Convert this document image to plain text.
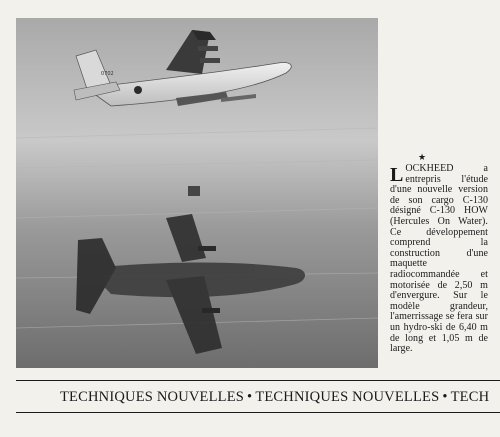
0702
★

LOCKHEED a entrepris l'étude d'une nouvelle version de son cargo C-130 désigné C-130 HOW (Hercules On Water). Ce développement comprend la construction d'une maquette radiocommandée et motorisée de 2,50 m d'envergure. Sur le modèle grandeur, l'amerrissage se fera sur un hydro-ski de 6,40 m de long et 1,05 m de large.

TECHNIQUES NOUVELLES • TECHNIQUES NOUVELLES • TECH
